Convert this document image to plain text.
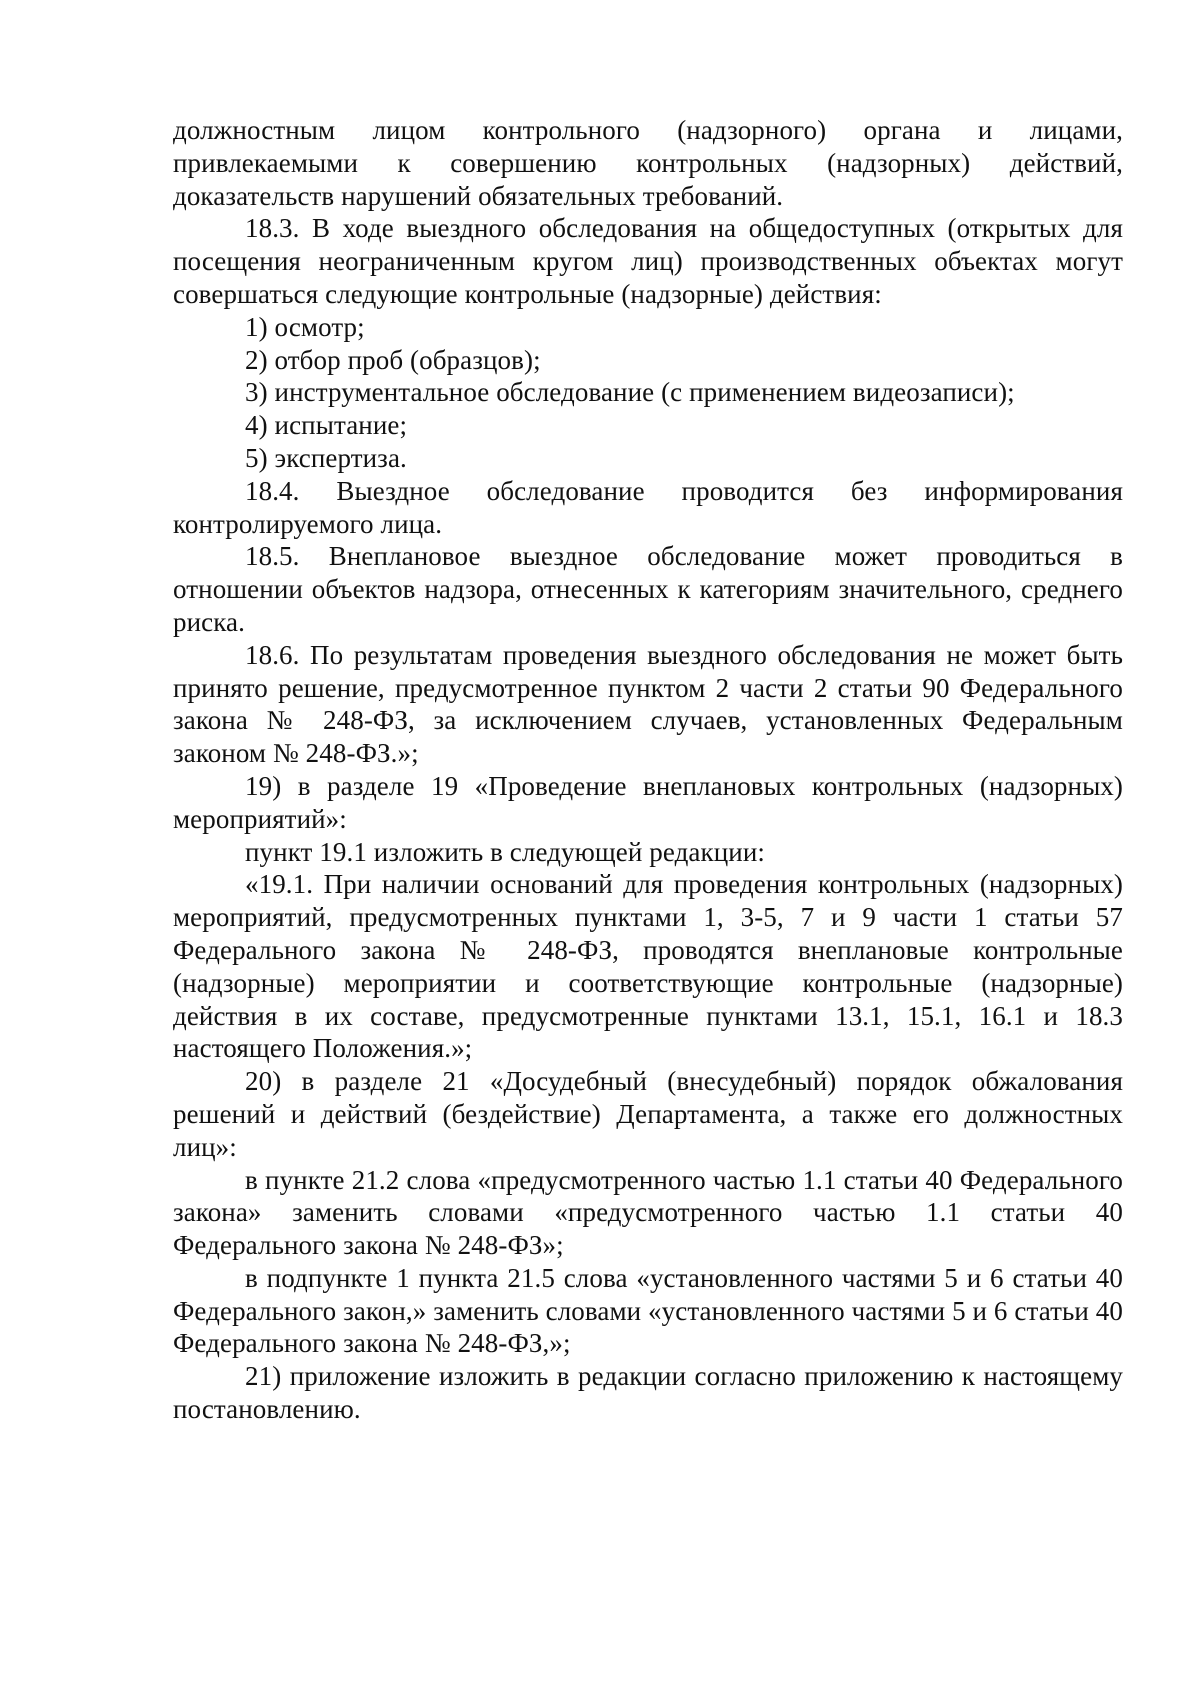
должностным лицом контрольного (надзорного) органа и лицами, привлекаемыми к совершению контрольных (надзорных) действий, доказательств нарушений обязательных требований.

18.3. В ходе выездного обследования на общедоступных (открытых для посещения неограниченным кругом лиц) производственных объектах могут совершаться следующие контрольные (надзорные) действия:

1) осмотр;

2) отбор проб (образцов);

3) инструментальное обследование (с применением видеозаписи);

4) испытание;

5) экспертиза.

18.4. Выездное обследование проводится без информирования контролируемого лица.

18.5. Внеплановое выездное обследование может проводиться в отношении объектов надзора, отнесенных к категориям значительного, среднего риска.

18.6. По результатам проведения выездного обследования не может быть принято решение, предусмотренное пунктом 2 части 2 статьи 90 Федерального закона № 248-ФЗ, за исключением случаев, установленных Федеральным законом № 248-ФЗ.»;

19) в разделе 19 «Проведение внеплановых контрольных (надзорных) мероприятий»:

пункт 19.1 изложить в следующей редакции:

«19.1. При наличии оснований для проведения контрольных (надзорных) мероприятий, предусмотренных пунктами 1, 3-5, 7 и 9 части 1 статьи 57 Федерального закона № 248-ФЗ, проводятся внеплановые контрольные (надзорные) мероприятии и соответствующие контрольные (надзорные) действия в их составе, предусмотренные пунктами 13.1, 15.1, 16.1 и 18.3 настоящего Положения.»;

20) в разделе 21 «Досудебный (внесудебный) порядок обжалования решений и действий (бездействие) Департамента, а также его должностных лиц»:

в пункте 21.2 слова «предусмотренного частью 1.1 статьи 40 Федерального закона» заменить словами «предусмотренного частью 1.1 статьи 40 Федерального закона № 248-ФЗ»;

в подпункте 1 пункта 21.5 слова «установленного частями 5 и 6 статьи 40 Федерального закон,» заменить словами «установленного частями 5 и 6 статьи 40 Федерального закона № 248-ФЗ,»;

21) приложение изложить в редакции согласно приложению к настоящему постановлению.
